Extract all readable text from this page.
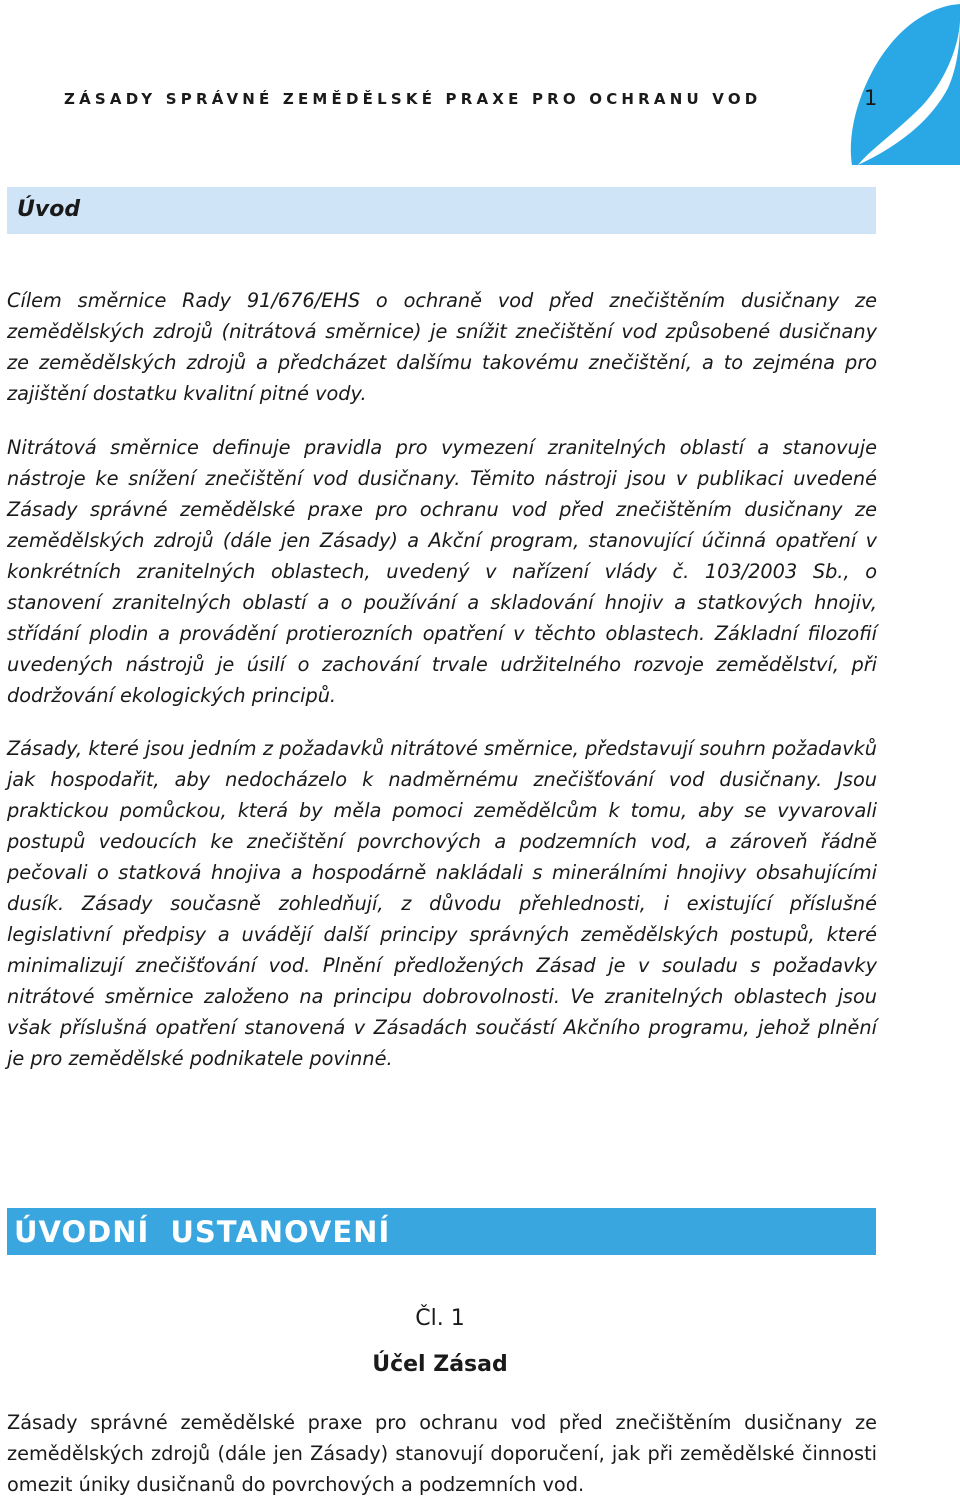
ZÁSADY SPRÁVNÉ ZEMĚDĚLSKÉ PRAXE PRO OCHRANU VOD	1
Úvod

Cílem směrnice Rady 91/676/EHS o ochraně vod před znečištěním dusičnany ze zemědělských zdrojů (nitrátová směrnice) je snížit znečištění vod způsobené dusičnany ze zemědělských zdrojů a předcházet dalšímu takovému znečištění, a to zejména pro zajištění dostatku kvalitní pitné vody.

Nitrátová směrnice definuje pravidla pro vymezení zranitelných oblastí a stanovuje nástroje ke snížení znečištění vod dusičnany. Těmito nástroji jsou v publikaci uvedené Zásady správné zemědělské praxe pro ochranu vod před znečištěním dusičnany ze zemědělských zdrojů (dále jen Zásady) a Akční program, stanovující účinná opatření v konkrétních zranitelných oblastech, uvedený v nařízení vlády č. 103/2003 Sb., o stanovení zranitelných oblastí a o používání a skladování hnojiv a statkových hnojiv, střídání plodin a provádění protierozních opatření v těchto oblastech. Základní filozofií uvedených nástrojů je úsilí o zachování trvale udržitelného rozvoje zemědělství, při dodržování ekologických principů.

Zásady, které jsou jedním z požadavků nitrátové směrnice, představují souhrn požadavků jak hospodařit, aby nedocházelo k nadměrnému znečišťování vod dusičnany. Jsou praktickou pomůckou, která by měla pomoci zemědělcům k tomu, aby se vyvarovali postupů vedoucích ke znečištění povrchových a podzemních vod, a zároveň řádně pečovali o statková hnojiva a hospodárně nakládali s minerálními hnojivy obsahujícími dusík. Zásady současně zohledňují, z důvodu přehlednosti, i existující příslušné legislativní předpisy a uvádějí další principy správných zemědělských postupů, které minimalizují znečišťování vod. Plnění předložených Zásad je v souladu s požadavky nitrátové směrnice založeno na principu dobrovolnosti. Ve zranitelných oblastech jsou však příslušná opatření stanovená v Zásadách součástí Akčního programu, jehož plnění je pro zemědělské podnikatele povinné.

ÚVODNÍ USTANOVENÍ
Čl. 1
Účel Zásad

Zásady správné zemědělské praxe pro ochranu vod před znečištěním dusičnany ze zemědělských zdrojů (dále jen Zásady) stanovují doporučení, jak při zemědělské činnosti omezit úniky dusičnanů do povrchových a podzemních vod.
